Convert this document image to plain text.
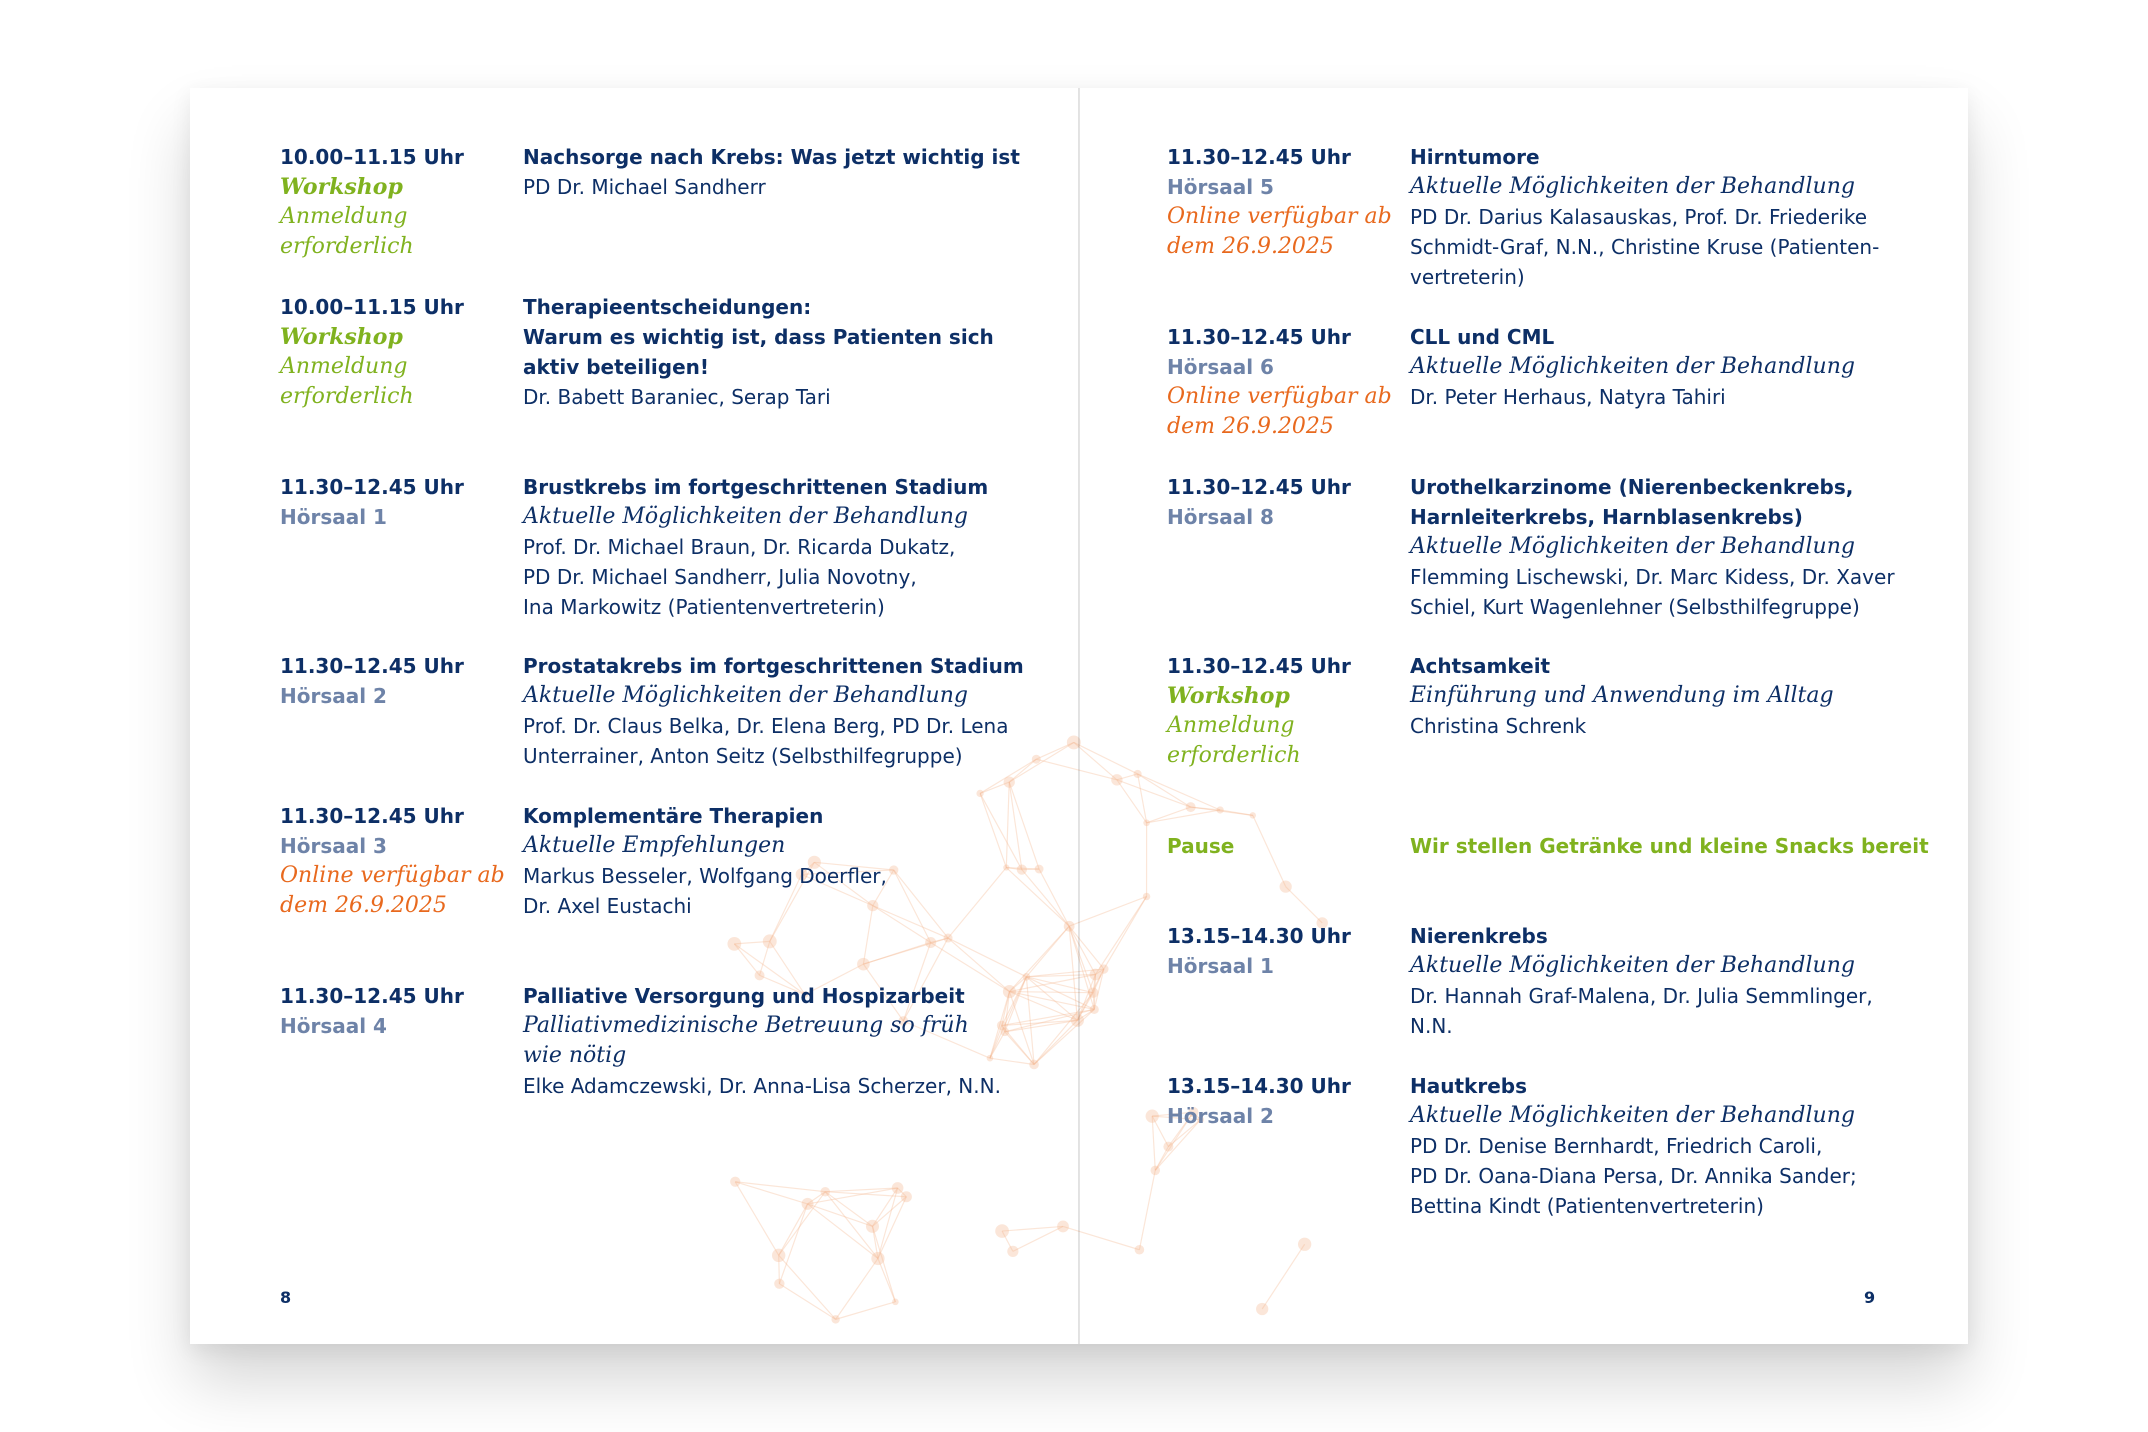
10.00–11.15 Uhr
Workshop
Anmeldung
erforderlich
Nachsorge nach Krebs: Was jetzt wichtig ist
PD Dr. Michael Sandherr
10.00–11.15 Uhr
Workshop
Anmeldung
erforderlich
Therapieentscheidungen:
Warum es wichtig ist, dass Patienten sich
aktiv beteiligen!
Dr. Babett Baraniec, Serap Tari
11.30–12.45 Uhr
Hörsaal 1
Brustkrebs im fortgeschrittenen Stadium
Aktuelle Möglichkeiten der Behandlung
Prof. Dr. Michael Braun, Dr. Ricarda Dukatz,
PD Dr. Michael Sandherr, Julia Novotny,
Ina Markowitz (Patientenvertreterin)
11.30–12.45 Uhr
Hörsaal 2
Prostatakrebs im fortgeschrittenen Stadium
Aktuelle Möglichkeiten der Behandlung
Prof. Dr. Claus Belka, Dr. Elena Berg, PD Dr. Lena
Unterrainer, Anton Seitz (Selbsthilfegruppe)
11.30–12.45 Uhr
Hörsaal 3
Online verfügbar ab
dem 26.9.2025
Komplementäre Therapien
Aktuelle Empfehlungen
Markus Besseler, Wolfgang Doerfler,
Dr. Axel Eustachi
11.30–12.45 Uhr
Hörsaal 4
Palliative Versorgung und Hospizarbeit
Palliativmedizinische Betreuung so früh
wie nötig
Elke Adamczewski, Dr. Anna-Lisa Scherzer, N.N.
11.30–12.45 Uhr
Hörsaal 5
Online verfügbar ab
dem 26.9.2025
Hirntumore
Aktuelle Möglichkeiten der Behandlung
PD Dr. Darius Kalasauskas, Prof. Dr. Friederike
Schmidt-Graf, N.N., Christine Kruse (Patienten-
vertreterin)
11.30–12.45 Uhr
Hörsaal 6
Online verfügbar ab
dem 26.9.2025
CLL und CML
Aktuelle Möglichkeiten der Behandlung
Dr. Peter Herhaus, Natyra Tahiri
11.30–12.45 Uhr
Hörsaal 8
Urothelkarzinome (Nierenbeckenkrebs,
Harnleiterkrebs, Harnblasenkrebs)
Aktuelle Möglichkeiten der Behandlung
Flemming Lischewski, Dr. Marc Kidess, Dr. Xaver
Schiel, Kurt Wagenlehner (Selbsthilfegruppe)
11.30–12.45 Uhr
Workshop
Anmeldung
erforderlich
Achtsamkeit
Einführung und Anwendung im Alltag
Christina Schrenk
Pause	Wir stellen Getränke und kleine Snacks bereit
13.15–14.30 Uhr
Hörsaal 1
Nierenkrebs
Aktuelle Möglichkeiten der Behandlung
Dr. Hannah Graf-Malena, Dr. Julia Semmlinger,
N.N.
13.15–14.30 Uhr
Hörsaal 2
Hautkrebs
Aktuelle Möglichkeiten der Behandlung
PD Dr. Denise Bernhardt, Friedrich Caroli,
PD Dr. Oana-Diana Persa, Dr. Annika Sander;
Bettina Kindt (Patientenvertreterin)
8	9
